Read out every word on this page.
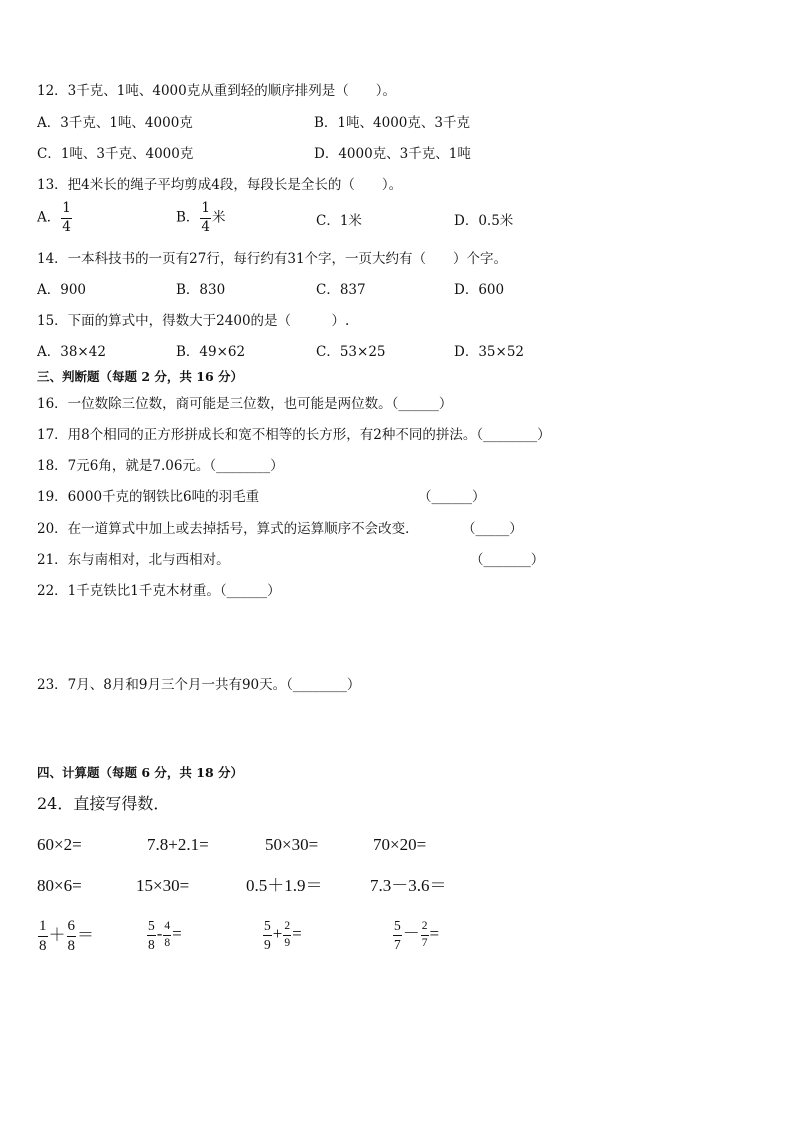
12．3千克、1吨、4000克从重到轻的顺序排列是（　　）。
A．3千克、1吨、4000克	B．1吨、4000克、3千克
C．1吨、3千克、4000克	D．4000克、3千克、1吨
13．把4米长的绳子平均剪成4段，每段长是全长的（　　）。
A． $\frac{1}{4}$	B． $\frac{1}{4}$ 米	C．1米	D．0.5米
14．一本科技书的一页有27行，每行约有31个字，一页大约有（　　）个字。
A．900	B．830	C．837	D．600
15．下面的算式中，得数大于2400的是（　　　）.
A．38×42	B．49×62	C．53×25	D．35×52
三、判断题（每题 2 分，共 16 分）
16．一位数除三位数，商可能是三位数，也可能是两位数。（______）
17．用8个相同的正方形拼成长和宽不相等的长方形，有2种不同的拼法。（________）
18．7元6角，就是7.06元。（________）
19．6000千克的钢铁比6吨的羽毛重	（______）
20．在一道算式中加上或去掉括号，算式的运算顺序不会改变．	（_____）
21．东与南相对，北与西相对。	（_______）
22．1千克铁比1千克木材重。（______）
23．7月、8月和9月三个月一共有90天。（________）
四、计算题（每题 6 分，共 18 分）
24．直接写得数．
60×2=	7.8+2.1=	50×30=	70×20=
80×6=	15×30=	0.5＋1.9＝	7.3－3.6＝
$\frac{1}{8} + \frac{6}{8}$ ＝	$\frac{5}{8} - \frac{4}{8}$ =	$\frac{5}{9} + \frac{2}{9}$ =	$\frac{5}{7} - \frac{2}{7}$ =
